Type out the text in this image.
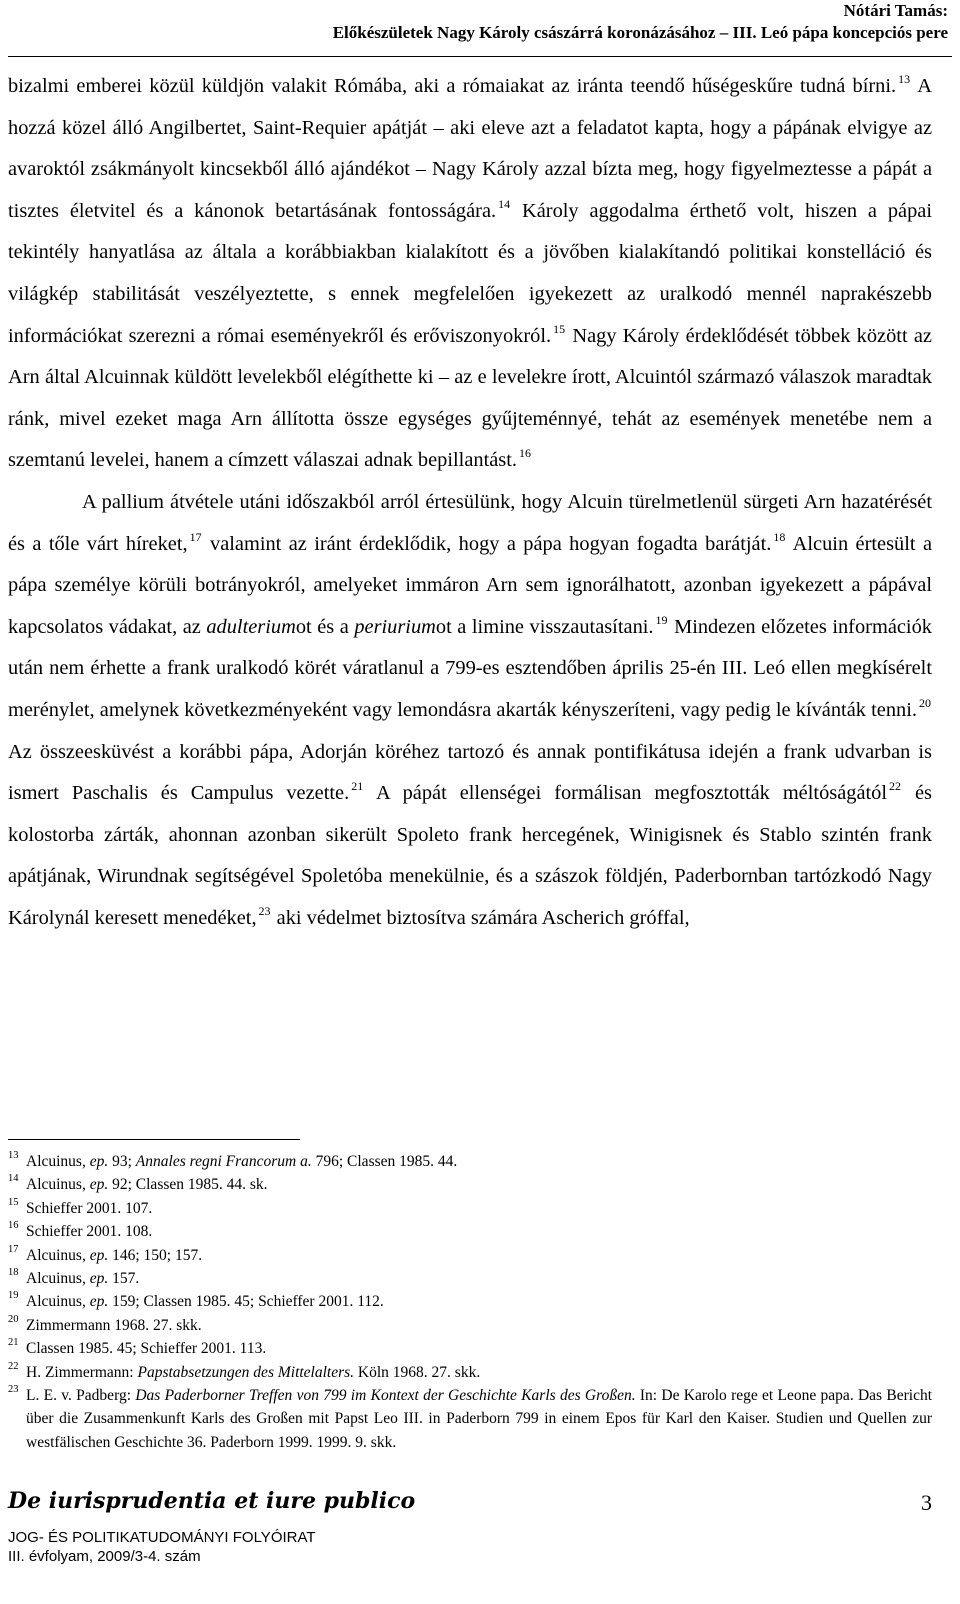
Nótári Tamás:
Előkészületek Nagy Károly császárrá koronázásához – III. Leó pápa koncepciós pere

bizalmi emberei közül küldjön valakit Rómába, aki a rómaiakat az iránta teendő hűségeskűre tudná bírni. $^{13}$ A hozzá közel álló Angilbertet, Saint-Requier apátját – aki eleve azt a feladatot kapta, hogy a pápának elvigye az avaroktól zsákmányolt kincsekből álló ajándékot – Nagy Károly azzal bízta meg, hogy figyelmeztesse a pápát a tisztes életvitel és a kánonok betartásának fontosságára. $^{14}$ Károly aggodalma érthető volt, hiszen a pápai tekintély hanyatlása az általa a korábbiakban kialakított és a jövőben kialakítandó politikai konstelláció és világkép stabilitását veszélyeztette, s ennek megfelelően igyekezett az uralkodó mennél naprakészebb információkat szerezni a római eseményekről és erőviszonyokról. $^{15}$ Nagy Károly érdeklődését többek között az Arn által Alcuinnak küldött levelekből elégíthette ki – az e levelekre írott, Alcuintól származó válaszok maradtak ránk, mivel ezeket maga Arn állította össze egységes gyűjteménnyé, tehát az események menetébe nem a szemtanú levelei, hanem a címzett válaszai adnak bepillantást. $^{16}$

A pallium átvétele utáni időszakból arról értesülünk, hogy Alcuin türelmetlenül sürgeti Arn hazatérését és a tőle várt híreket, $^{17}$ valamint az iránt érdeklődik, hogy a pápa hogyan fogadta barátját. $^{18}$ Alcuin értesült a pápa személye körüli botrányokról, amelyeket immáron Arn sem ignorálhatott, azonban igyekezett a pápával kapcsolatos vádakat, az adulteriumot és a periuriumot a limine visszautasítani. $^{19}$ Mindezen előzetes információk után nem érhette a frank uralkodó körét váratlanul a 799-es esztendőben április 25-én III. Leó ellen megkísérelt merénylet, amelynek következményeként vagy lemondásra akarták kényszeríteni, vagy pedig le kívánták tenni. $^{20}$ Az összeesküvést a korábbi pápa, Adorján köréhez tartozó és annak pontifikátusa idején a frank udvarban is ismert Paschalis és Campulus vezette. $^{21}$ A pápát ellenségei formálisan megfosztották méltóságától $^{22}$ és kolostorba zárták, ahonnan azonban sikerült Spoleto frank hercegének, Winigisnek és Stablo szintén frank apátjának, Wirundnak segítségével Spoletóba menekülnie, és a szászok földjén, Paderbornban tartózkodó Nagy Károlynál keresett menedéket, $^{23}$ aki védelmet biztosítva számára Ascherich gróffal,

13 Alcuinus, ep. 93; Annales regni Francorum a. 796; Classen 1985. 44.
14 Alcuinus, ep. 92; Classen 1985. 44. sk.
15 Schieffer 2001. 107.
16 Schieffer 2001. 108.
17 Alcuinus, ep. 146; 150; 157.
18 Alcuinus, ep. 157.
19 Alcuinus, ep. 159; Classen 1985. 45; Schieffer 2001. 112.
20 Zimmermann 1968. 27. skk.
21 Classen 1985. 45; Schieffer 2001. 113.
22 H. Zimmermann: Papstabsetzungen des Mittelalters. Köln 1968. 27. skk.
23 L. E. v. Padberg: Das Paderborner Treffen von 799 im Kontext der Geschichte Karls des Großen. In: De Karolo rege et Leone papa. Das Bericht über die Zusammenkunft Karls des Großen mit Papst Leo III. in Paderborn 799 in einem Epos für Karl den Kaiser. Studien und Quellen zur westfälischen Geschichte 36. Paderborn 1999. 1999. 9. skk.
De iurisprudentia et iure publico	3
JOG- ÉS POLITIKATUDOMÁNYI FOLYÓIRAT
III. évfolyam, 2009/3-4. szám
